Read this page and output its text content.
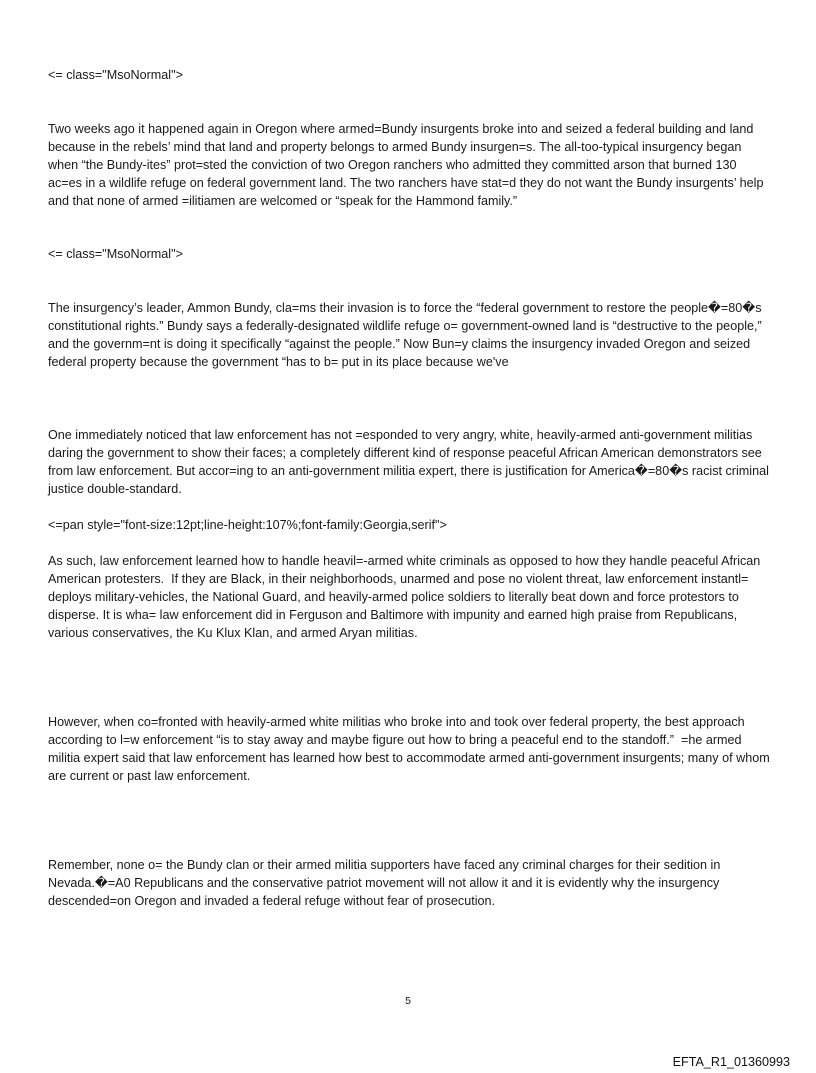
<= class="MsoNormal">

Two weeks ago it happened again in Oregon where armed=Bundy insurgents broke into and seized a federal building and land because in the rebels’ mind that land and property belongs to armed Bundy insurgen=s. The all-too-typical insurgency began when “the Bundy-ites” prot=sted the conviction of two Oregon ranchers who admitted they committed arson that burned 130 ac=es in a wildlife refuge on federal government land. The two ranchers have stat=d they do not want the Bundy insurgents’ help and that none of armed =ilitiamen are welcomed or “speak for the Hammond family.”

<= class="MsoNormal">

The insurgency’s leader, Ammon Bundy, cla=ms their invasion is to force the “federal government to restore the people�=80�s constitutional rights.” Bundy says a federally-designated wildlife refuge o= government-owned land is “destructive to the people,” and the governm=nt is doing it specifically “against the people.” Now Bun=y claims the insurgency invaded Oregon and seized federal property because the government “has to b= put in its place because we've

One immediately noticed that law enforcement has not =esponded to very angry, white, heavily-armed anti-government militias daring the government to show their faces; a completely different kind of response peaceful African American demonstrators see from law enforcement. But accor=ing to an anti-government militia expert, there is justification for America�=80�s racist criminal justice double-standard.

<=pan style="font-size:12pt;line-height:107%;font-family:Georgia,serif">

As such, law enforcement learned how to handle heavil=-armed white criminals as opposed to how they handle peaceful African American protesters.  If they are Black, in their neighborhoods, unarmed and pose no violent threat, law enforcement instantl= deploys military-vehicles, the National Guard, and heavily-armed police soldiers to literally beat down and force protestors to disperse. It is wha= law enforcement did in Ferguson and Baltimore with impunity and earned high praise from Republicans, various conservatives, the Ku Klux Klan, and armed Aryan militias.

However, when co=fronted with heavily-armed white militias who broke into and took over federal property, the best approach according to l=w enforcement “is to stay away and maybe figure out how to bring a peaceful end to the standoff.”  =he armed militia expert said that law enforcement has learned how best to accommodate armed anti-government insurgents; many of whom are current or past law enforcement.

Remember, none o= the Bundy clan or their armed militia supporters have faced any criminal charges for their sedition in Nevada.�=A0 Republicans and the conservative patriot movement will not allow it and it is evidently why the insurgency descended=on Oregon and invaded a federal refuge without fear of prosecution.

5

EFTA_R1_01360993
